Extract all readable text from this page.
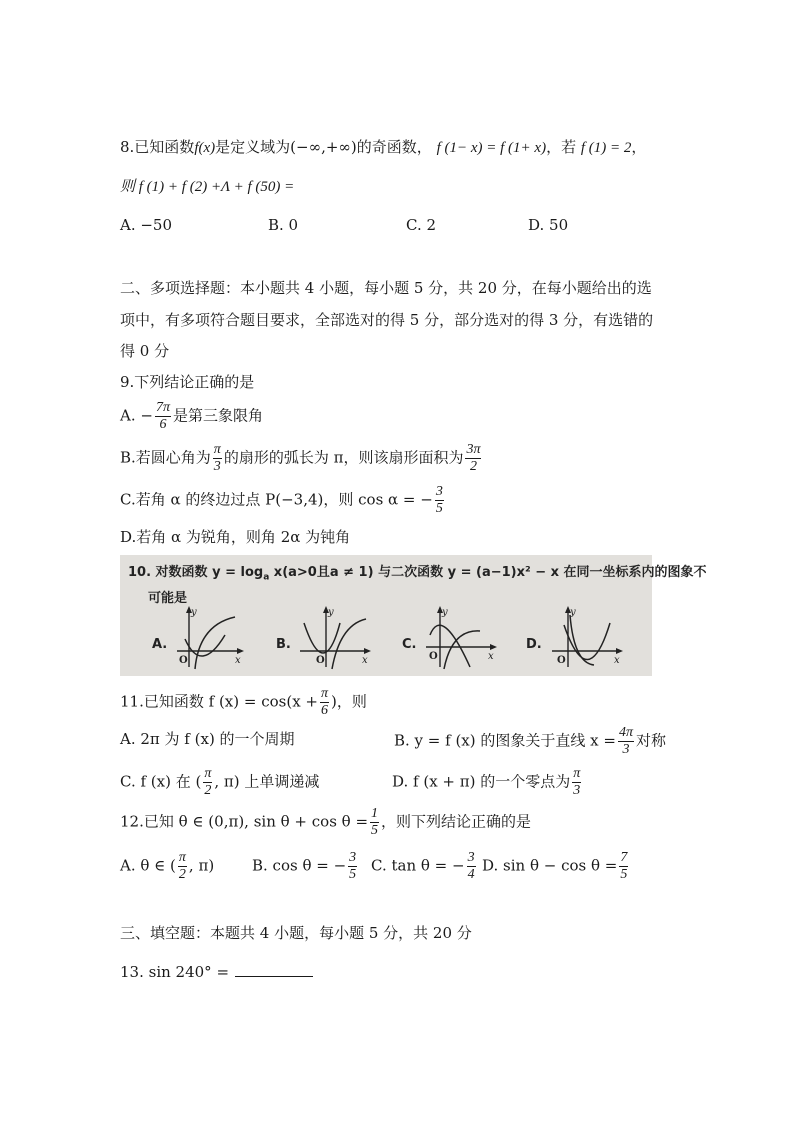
8.已知函数f(x)是定义域为(−∞,+∞)的奇函数， f (1− x) = f (1+ x)，若 f (1) = 2，
则 f (1) + f (2) +Λ + f (50) =
A. −50	B. 0	C. 2	D. 50
二、多项选择题：本小题共 4 小题，每小题 5 分，共 20 分，在每小题给出的选
项中，有多项符合题目要求，全部选对的得 5 分，部分选对的得 3 分，有选错的
得 0 分
9.下列结论正确的是
A. − $\frac{7\pi}{6}$ 是第三象限角
B.若圆心角为 $\frac{\pi}{3}$ 的扇形的弧长为 π，则该扇形面积为 $\frac{3\pi}{2}$
C.若角 α 的终边过点 P(−3,4)，则 cos α = − $\frac{3}{5}$
D.若角 α 为锐角，则角 2α 为钝角
10. 对数函数 $y = \log_a x(a>0$且a ≠ 1) 与二次函数 y = (a−1)x² − x 在同一坐标系内的图象不
可能是
A.
O
y
x
B.
O
y
x
C.
O
y
x
D.
O
y
x
11.已知函数 f $(x) = \cos(x + \frac{\pi}{6}$ )，则
A. 2π 为 f (x) 的一个周期	B. y = f (x) 的图象关于直线 $x = \frac{4\pi}{3}$ 对称
C. f (x) 在 ( $\frac{\pi}{2}$ , π) 上单调递减	D. f (x + π) 的一个零点为 $\frac{\pi}{3}$
12.已知 θ ∈ (0,π), $\sin \theta + \cos \theta = \frac{1}{5}$ ，则下列结论正确的是
A. θ ∈ ( $\frac{\pi}{2}$ , π)	B. cos θ = − $\frac{3}{5} C$. tan θ = − $\frac{3}{4} D$. $\sin \theta - \cos \theta = \frac{7}{5}$
三、填空题：本题共 4 小题，每小题 5 分，共 20 分
13. sin 240° =
